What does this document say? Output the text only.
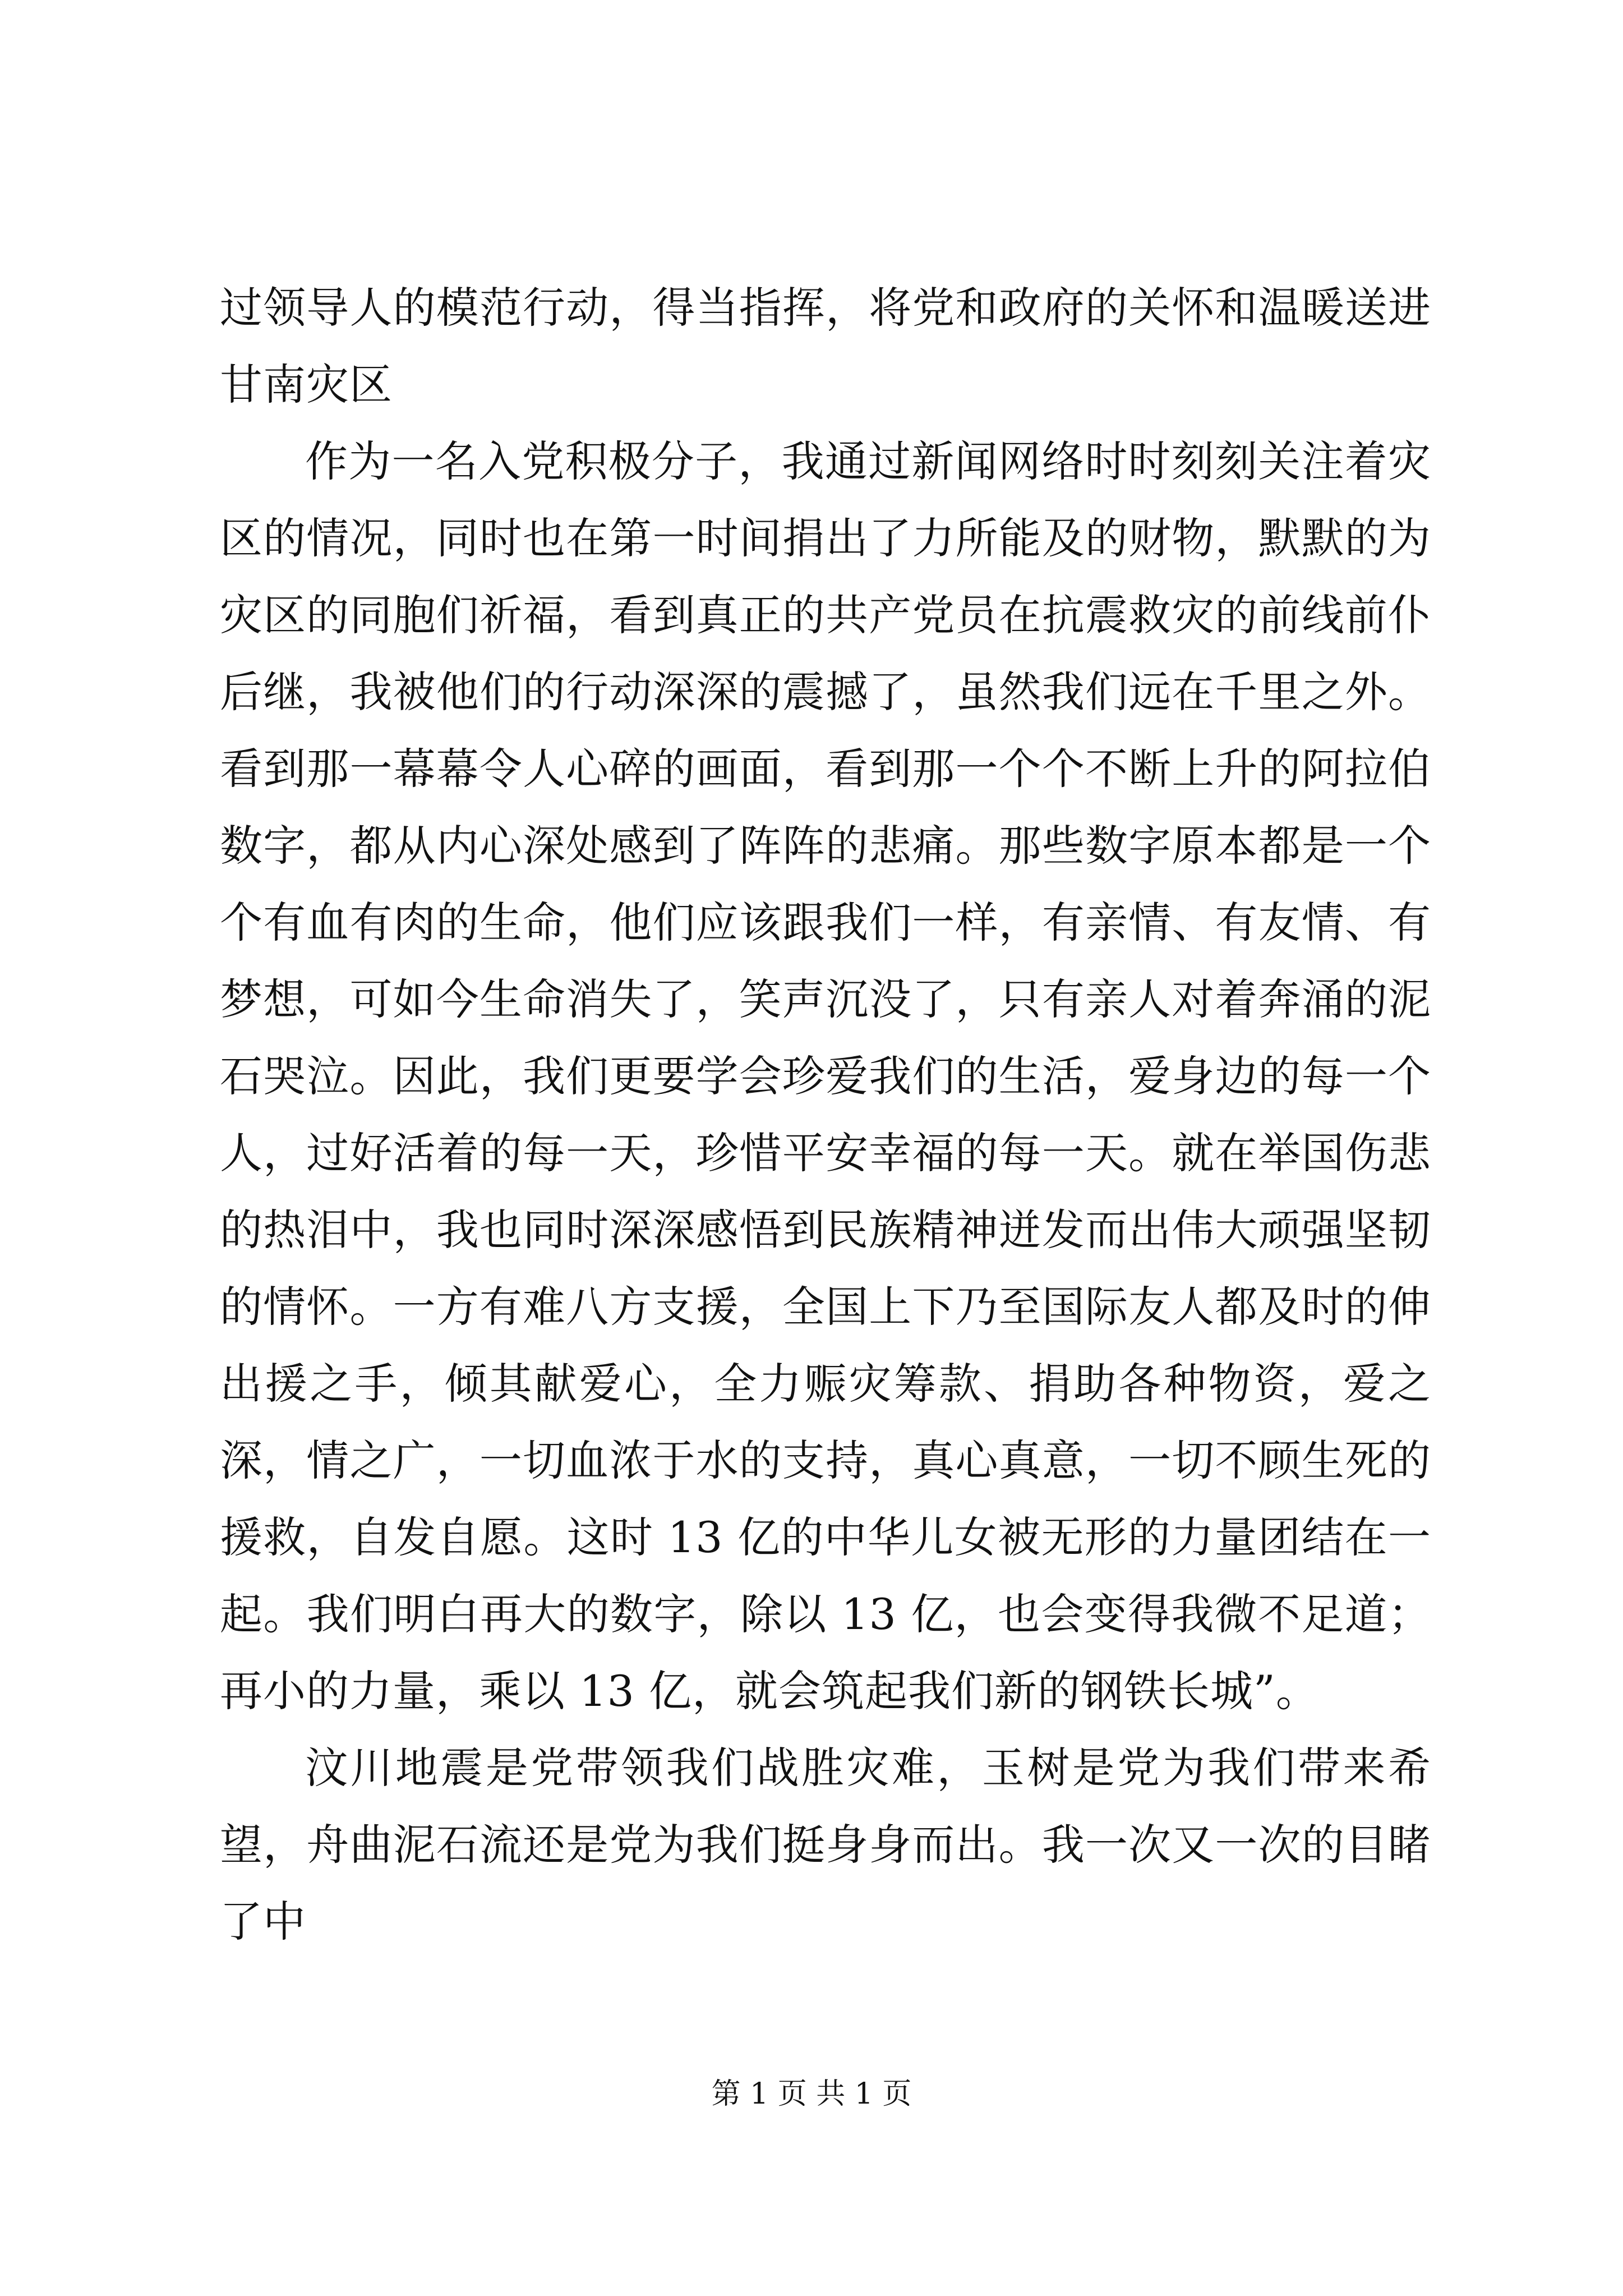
过领导人的模范行动，得当指挥，将党和政府的关怀和温暖送进甘南灾区

作为一名入党积极分子，我通过新闻网络时时刻刻关注着灾区的情况，同时也在第一时间捐出了力所能及的财物，默默的为灾区的同胞们祈福，看到真正的共产党员在抗震救灾的前线前仆后继，我被他们的行动深深的震撼了，虽然我们远在千里之外。看到那一幕幕令人心碎的画面，看到那一个个不断上升的阿拉伯数字，都从内心深处感到了阵阵的悲痛。那些数字原本都是一个个有血有肉的生命，他们应该跟我们一样，有亲情、有友情、有梦想，可如今生命消失了，笑声沉没了，只有亲人对着奔涌的泥石哭泣。因此，我们更要学会珍爱我们的生活，爱身边的每一个人，过好活着的每一天，珍惜平安幸福的每一天。就在举国伤悲的热泪中，我也同时深深感悟到民族精神迸发而出伟大顽强坚韧的情怀。一方有难八方支援，全国上下乃至国际友人都及时的伸出援之手，倾其献爱心，全力赈灾筹款、捐助各种物资，爱之深，情之广，一切血浓于水的支持，真心真意，一切不顾生死的援救，自发自愿。这时 13 亿的中华儿女被无形的力量团结在一起。我们明白再大的数字，除以 13 亿，也会变得我微不足道；再小的力量，乘以 13 亿，就会筑起我们新的钢铁长城”。

汶川地震是党带领我们战胜灾难，玉树是党为我们带来希望，舟曲泥石流还是党为我们挺身身而出。我一次又一次的目睹了中

第 1 页 共 1 页
